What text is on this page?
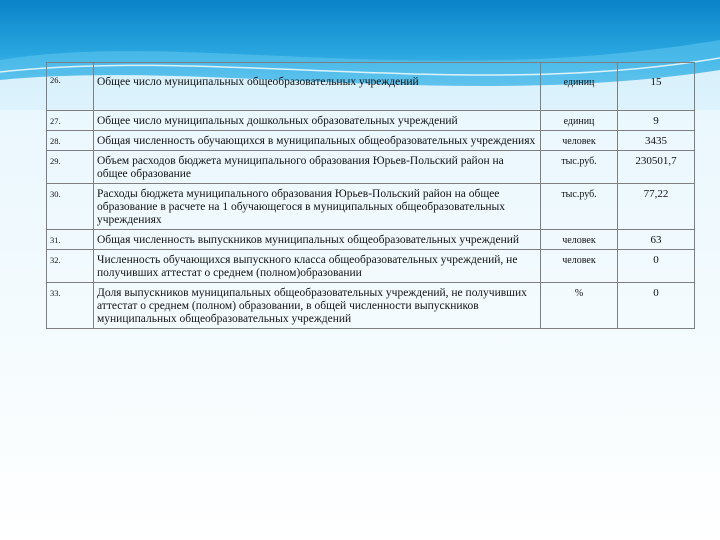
26.	Общее число муниципальных общеобразовательных учреждений	единиц	15
27.	Общее число муниципальных дошкольных образовательных учреждений	единиц	9
28.	Общая численность обучающихся в муниципальных общеобразовательных учреждениях	человек	3435
29.	Объем расходов бюджета муниципального образования Юрьев-Польский район на общее образование	тыс.руб.	230501,7
30.	Расходы бюджета муниципального образования Юрьев-Польский район на общее образование в расчете на 1 обучающегося в муниципальных общеобразовательных учреждениях	тыс.руб.	77,22
31.	Общая численность выпускников муниципальных общеобразовательных учреждений	человек	63
32.	Численность обучающихся выпускного класса общеобразовательных учреждений, не получивших аттестат о среднем (полном)образовании	человек	0
33.	Доля выпускников муниципальных общеобразовательных учреждений, не получивших аттестат о среднем (полном) образовании, в общей численности выпускников муниципальных общеобразовательных учреждений	%	0
